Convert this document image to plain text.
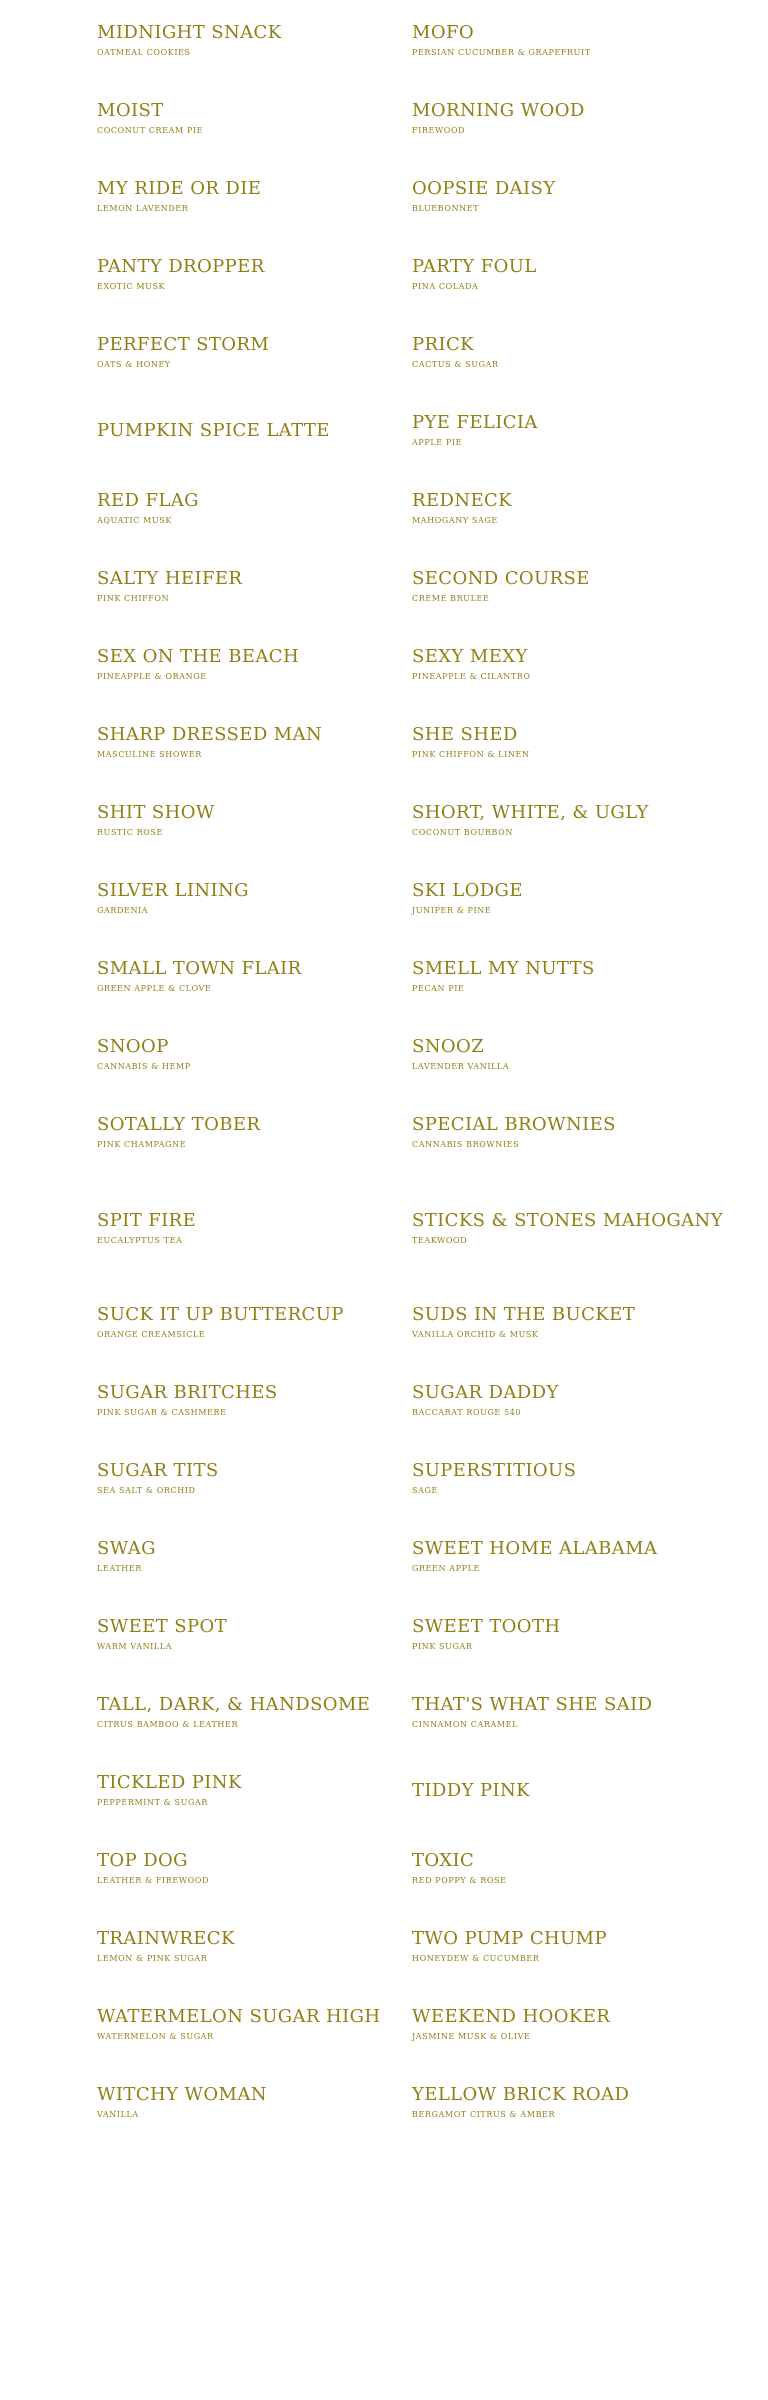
MIDNIGHT SNACK
OATMEAL COOKIES
MOFO
PERSIAN CUCUMBER & GRAPEFRUIT
MOIST
COCONUT CREAM PIE
MORNING WOOD
FIREWOOD
MY RIDE OR DIE
LEMON LAVENDER
OOPSIE DAISY
BLUEBONNET
PANTY DROPPER
EXOTIC MUSK
PARTY FOUL
PINA COLADA
PERFECT STORM
OATS & HONEY
PRICK
CACTUS & SUGAR
PUMPKIN SPICE LATTE	PYE FELICIA
APPLE PIE
RED FLAG
AQUATIC MUSK
REDNECK
MAHOGANY SAGE
SALTY HEIFER
PINK CHIFFON
SECOND COURSE
CREME BRULEE
SEX ON THE BEACH
PINEAPPLE & ORANGE
SEXY MEXY
PINEAPPLE & CILANTRO
SHARP DRESSED MAN
MASCULINE SHOWER
SHE SHED
PINK CHIFFON & LINEN
SHIT SHOW
RUSTIC ROSE
SHORT, WHITE, & UGLY
COCONUT BOURBON
SILVER LINING
GARDENIA
SKI LODGE
JUNIPER & PINE
SMALL TOWN FLAIR
GREEN APPLE & CLOVE
SMELL MY NUTTS
PECAN PIE
SNOOP
CANNABIS & HEMP
SNOOZ
LAVENDER VANILLA
SOTALLY TOBER
PINK CHAMPAGNE
SPECIAL BROWNIES
CANNABIS BROWNIES
SPIT FIRE
EUCALYPTUS TEA
STICKS & STONES MAHOGANY
TEAKWOOD
SUCK IT UP BUTTERCUP
ORANGE CREAMSICLE
SUDS IN THE BUCKET
VANILLA ORCHID & MUSK
SUGAR BRITCHES
PINK SUGAR & CASHMERE
SUGAR DADDY
BACCARAT ROUGE 540
SUGAR TITS
SEA SALT & ORCHID
SUPERSTITIOUS
SAGE
SWAG
LEATHER
SWEET HOME ALABAMA
GREEN APPLE
SWEET SPOT
WARM VANILLA
SWEET TOOTH
PINK SUGAR
TALL, DARK, & HANDSOME
CITRUS BAMBOO & LEATHER
THAT'S WHAT SHE SAID
CINNAMON CARAMEL
TICKLED PINK
PEPPERMINT & SUGAR
TIDDY PINK
TOP DOG
LEATHER & FIREWOOD
TOXIC
RED POPPY & ROSE
TRAINWRECK
LEMON & PINK SUGAR
TWO PUMP CHUMP
HONEYDEW & CUCUMBER
WATERMELON SUGAR HIGH
WATERMELON & SUGAR
WEEKEND HOOKER
JASMINE MUSK & OLIVE
WITCHY WOMAN
VANILLA
YELLOW BRICK ROAD
BERGAMOT CITRUS & AMBER
